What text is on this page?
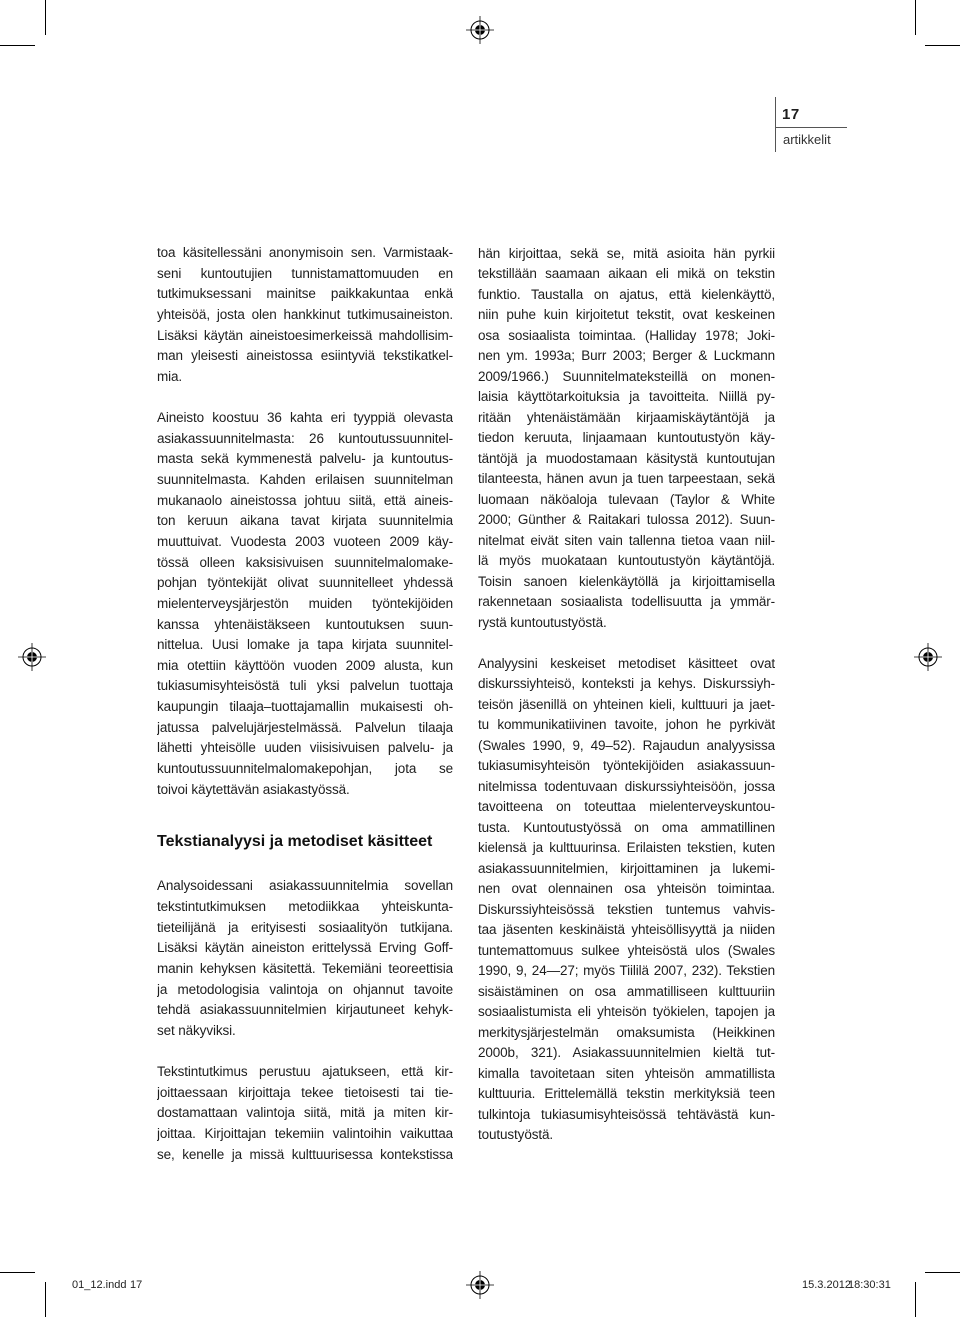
17
artikkelit
toa käsitellessäni anonymisoin sen. Varmistaak-
seni kuntoutujien tunnistamattomuuden en
tutkimuksessani mainitse paikkakuntaa enkä
yhteisöä, josta olen hankkinut tutkimusaineiston.
Lisäksi käytän aineistoesimerkeissä mahdollisim-
man yleisesti aineistossa esiintyviä tekstikatkel-
mia.
Aineisto koostuu 36 kahta eri tyyppiä olevasta
asiakassuunnitelmasta: 26 kuntoutussuunnitel-
masta sekä kymmenestä palvelu- ja kuntoutus-
suunnitelmasta. Kahden erilaisen suunnitelman
mukanaolo aineistossa johtuu siitä, että aineis-
ton keruun aikana tavat kirjata suunnitelmia
muuttuivat. Vuodesta 2003 vuoteen 2009 käy-
tössä olleen kaksisivuisen suunnitelmalomake-
pohjan työntekijät olivat suunnitelleet yhdessä
mielenterveysjärjestön muiden työntekijöiden
kanssa yhtenäistäkseen kuntoutuksen suun-
nittelua. Uusi lomake ja tapa kirjata suunnitel-
mia otettiin käyttöön vuoden 2009 alusta, kun
tukiasumisyhteisöstä tuli yksi palvelun tuottaja
kaupungin tilaaja–tuottajamallin mukaisesti oh-
jatussa palvelujärjestelmässä. Palvelun tilaaja
lähetti yhteisölle uuden viisisivuisen palvelu- ja
kuntoutussuunnitelmalomakepohjan, jota se
toivoi käytettävän asiakastyössä.
Tekstianalyysi ja metodiset käsitteet
Analysoidessani asiakassuunnitelmia sovellan
tekstintutkimuksen metodiikkaa yhteiskunta-
tieteilijänä ja erityisesti sosiaalityön tutkijana.
Lisäksi käytän aineiston erittelyssä Erving Goff-
manin kehyksen käsitettä. Tekemiäni teoreettisia
ja metodologisia valintoja on ohjannut tavoite
tehdä asiakassuunnitelmien kirjautuneet kehyk-
set näkyviksi.
Tekstintutkimus perustuu ajatukseen, että kir-
joittaessaan kirjoittaja tekee tietoisesti tai tie-
dostamattaan valintoja siitä, mitä ja miten kir-
joittaa. Kirjoittajan tekemiin valintoihin vaikuttaa
se, kenelle ja missä kulttuurisessa kontekstissa
hän kirjoittaa, sekä se, mitä asioita hän pyrkii
tekstillään saamaan aikaan eli mikä on tekstin
funktio. Taustalla on ajatus, että kielenkäyttö,
niin puhe kuin kirjoitetut tekstit, ovat keskeinen
osa sosiaalista toimintaa. (Halliday 1978; Joki-
nen ym. 1993a; Burr 2003; Berger & Luckmann
2009/1966.) Suunnitelmateksteillä on monen-
laisia käyttötarkoituksia ja tavoitteita. Niillä py-
ritään yhtenäistämään kirjaamiskäytäntöjä ja
tiedon keruuta, linjaamaan kuntoutustyön käy-
täntöjä ja muodostamaan käsitystä kuntoutujan
tilanteesta, hänen avun ja tuen tarpeestaan, sekä
luomaan näköaloja tulevaan (Taylor & White
2000; Günther & Raitakari tulossa 2012). Suun-
nitelmat eivät siten vain tallenna tietoa vaan niil-
lä myös muokataan kuntoutustyön käytäntöjä.
Toisin sanoen kielenkäytöllä ja kirjoittamisella
rakennetaan sosiaalista todellisuutta ja ymmär-
rystä kuntoutustyöstä.
Analyysini keskeiset metodiset käsitteet ovat
diskurssiyhteisö, konteksti ja kehys. Diskurssiyh-
teisön jäsenillä on yhteinen kieli, kulttuuri ja jaet-
tu kommunikatiivinen tavoite, johon he pyrkivät
(Swales 1990, 9, 49–52). Rajaudun analyysissa
tukiasumisyhteisön työntekijöiden asiakassuun-
nitelmissa todentuvaan diskurssiyhteisöön, jossa
tavoitteena on toteuttaa mielenterveyskuntou-
tusta. Kuntoutustyössä on oma ammatillinen
kielensä ja kulttuurinsa. Erilaisten tekstien, kuten
asiakassuunnitelmien, kirjoittaminen ja lukemi-
nen ovat olennainen osa yhteisön toimintaa.
Diskurssiyhteisössä tekstien tuntemus vahvis-
taa jäsenten keskinäistä yhteisöllisyyttä ja niiden
tuntemattomuus sulkee yhteisöstä ulos (Swales
1990, 9, 24—27; myös Tiililä 2007, 232). Tekstien
sisäistäminen on osa ammatilliseen kulttuuriin
sosiaalistumista eli yhteisön työkielen, tapojen ja
merkitysjärjestelmän omaksumista (Heikkinen
2000b, 321). Asiakassuunnitelmien kieltä tut-
kimalla tavoitetaan siten yhteisön ammatillista
kulttuuria. Erittelemällä tekstin merkityksiä teen
tulkintoja tukiasumisyhteisössä tehtävästä kun-
toutustyöstä.
01_12.indd 17	15.3.2012
18:30:31
